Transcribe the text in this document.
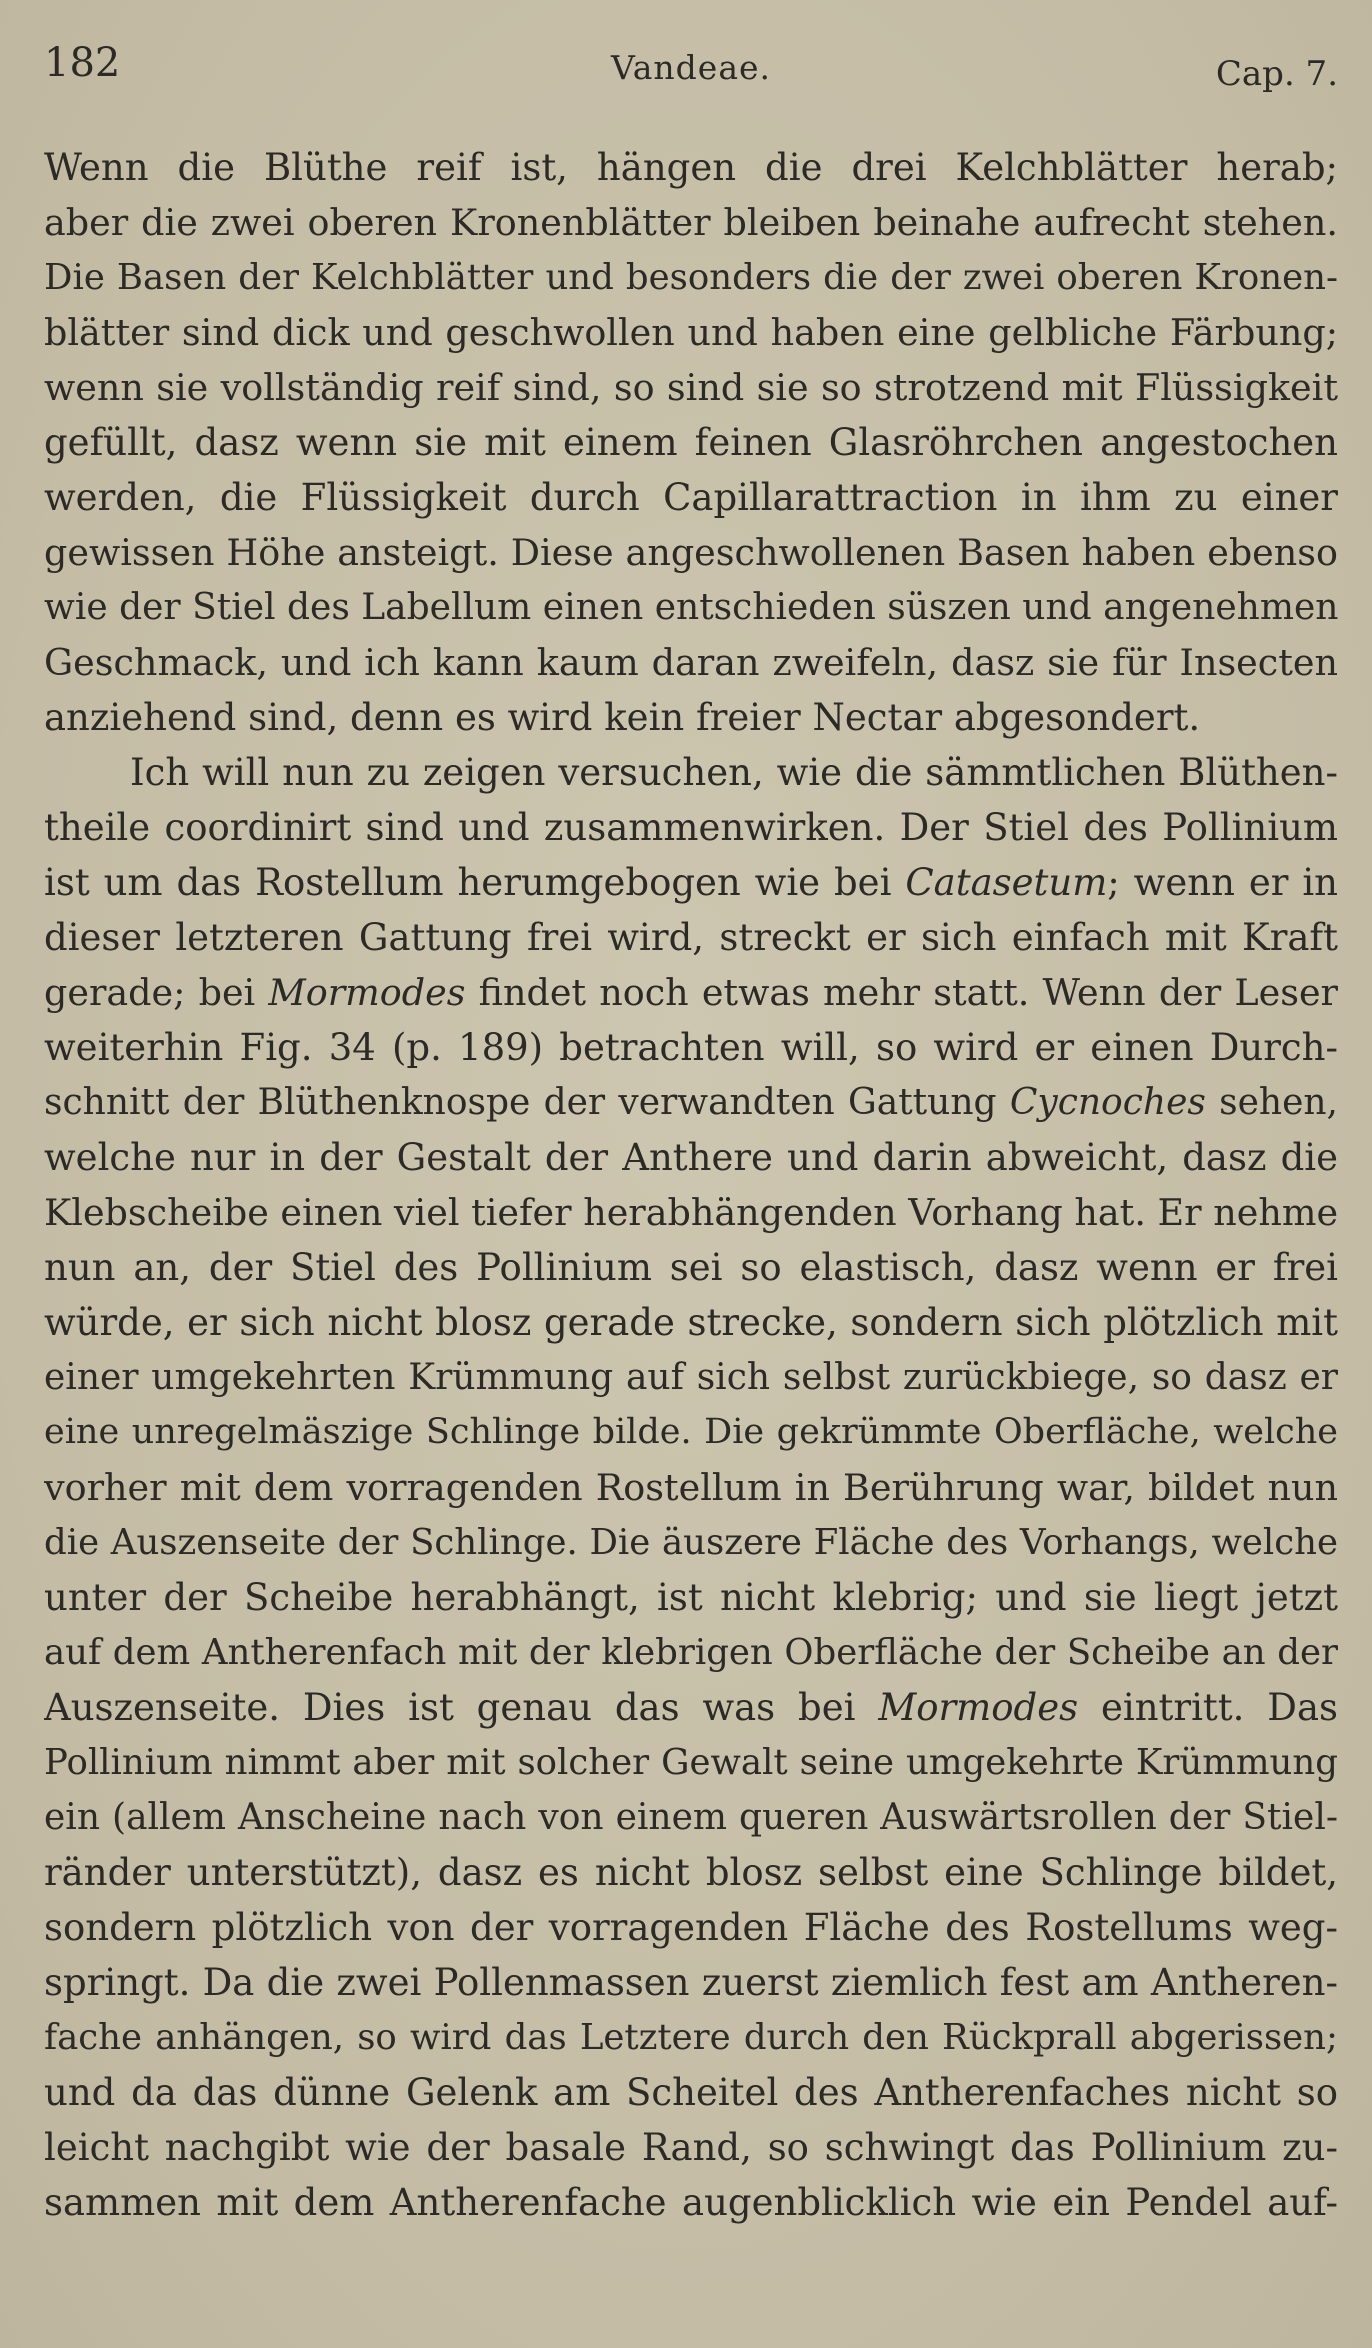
182	Vandeae.	Cap. 7.
Wenn die Blüthe reif ist, hängen die drei Kelchblätter herab;
aber die zwei oberen Kronenblätter bleiben beinahe aufrecht stehen.
Die Basen der Kelchblätter und besonders die der zwei oberen Kronen-
blätter sind dick und geschwollen und haben eine gelbliche Färbung;
wenn sie vollständig reif sind, so sind sie so strotzend mit Flüssigkeit
gefüllt, dasz wenn sie mit einem feinen Glasröhrchen angestochen
werden, die Flüssigkeit durch Capillarattraction in ihm zu einer
gewissen Höhe ansteigt. Diese angeschwollenen Basen haben ebenso
wie der Stiel des Labellum einen entschieden süszen und angenehmen
Geschmack, und ich kann kaum daran zweifeln, dasz sie für Insecten
anziehend sind, denn es wird kein freier Nectar abgesondert.
Ich will nun zu zeigen versuchen, wie die sämmtlichen Blüthen-
theile coordinirt sind und zusammenwirken. Der Stiel des Pollinium
ist um das Rostellum herumgebogen wie bei Catasetum; wenn er in
dieser letzteren Gattung frei wird, streckt er sich einfach mit Kraft
gerade; bei Mormodes findet noch etwas mehr statt. Wenn der Leser
weiterhin Fig. 34 (p. 189) betrachten will, so wird er einen Durch-
schnitt der Blüthenknospe der verwandten Gattung Cycnoches sehen,
welche nur in der Gestalt der Anthere und darin abweicht, dasz die
Klebscheibe einen viel tiefer herabhängenden Vorhang hat. Er nehme
nun an, der Stiel des Pollinium sei so elastisch, dasz wenn er frei
würde, er sich nicht blosz gerade strecke, sondern sich plötzlich mit
einer umgekehrten Krümmung auf sich selbst zurückbiege, so dasz er
eine unregelmäszige Schlinge bilde. Die gekrümmte Oberfläche, welche
vorher mit dem vorragenden Rostellum in Berührung war, bildet nun
die Auszenseite der Schlinge. Die äuszere Fläche des Vorhangs, welche
unter der Scheibe herabhängt, ist nicht klebrig; und sie liegt jetzt
auf dem Antherenfach mit der klebrigen Oberfläche der Scheibe an der
Auszenseite. Dies ist genau das was bei Mormodes eintritt. Das
Pollinium nimmt aber mit solcher Gewalt seine umgekehrte Krümmung
ein (allem Anscheine nach von einem queren Auswärtsrollen der Stiel-
ränder unterstützt), dasz es nicht blosz selbst eine Schlinge bildet,
sondern plötzlich von der vorragenden Fläche des Rostellums weg-
springt. Da die zwei Pollenmassen zuerst ziemlich fest am Antheren-
fache anhängen, so wird das Letztere durch den Rückprall abgerissen;
und da das dünne Gelenk am Scheitel des Antherenfaches nicht so
leicht nachgibt wie der basale Rand, so schwingt das Pollinium zu-
sammen mit dem Antherenfache augenblicklich wie ein Pendel auf-
